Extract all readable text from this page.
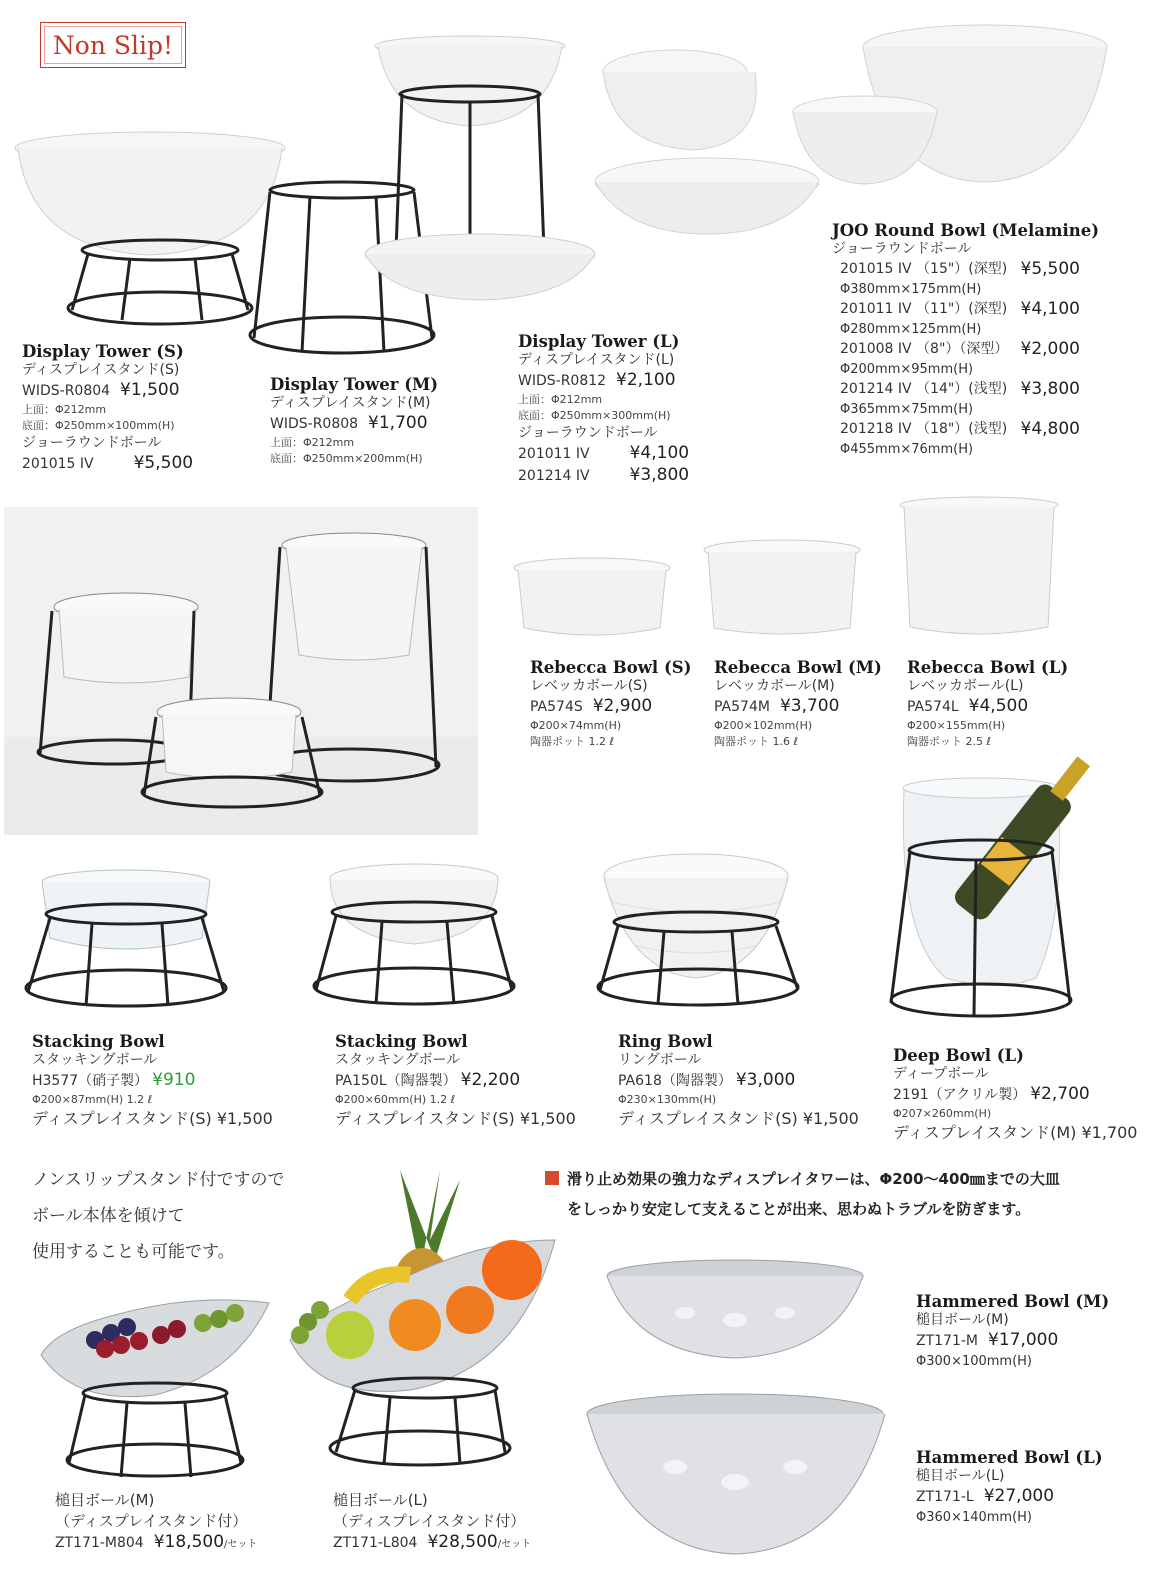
Non Slip!
Display Tower (S)
ディスプレイスタンド(S)
WIDS-R0804 ¥1,500
上面：Φ212mm
底面：Φ250mm×100mm(H)
ジョーラウンドボール
201015 IV ¥5,500
Display Tower (M)
ディスプレイスタンド(M)
WIDS-R0808 ¥1,700
上面：Φ212mm
底面：Φ250mm×200mm(H)
Display Tower (L)
ディスプレイスタンド(L)
WIDS-R0812 ¥2,100
上面：Φ212mm
底面：Φ250mm×300mm(H)
ジョーラウンドボール
201011 IV ¥4,100
201214 IV ¥3,800
JOO Round Bowl (Melamine)
ジョーラウンドボール
201015 IV （15"）(深型) ¥5,500
Φ380mm×175mm(H)
201011 IV （11"）(深型) ¥4,100
Φ280mm×125mm(H)
201008 IV （8"）（深型） ¥2,000
Φ200mm×95mm(H)
201214 IV （14"）(浅型) ¥3,800
Φ365mm×75mm(H)
201218 IV （18"）(浅型) ¥4,800
Φ455mm×76mm(H)
Rebecca Bowl (S)
レベッカボール(S)
PA574S ¥2,900
Φ200×74mm(H)
陶器ポット 1.2 ℓ
Rebecca Bowl (M)
レベッカボール(M)
PA574M ¥3,700
Φ200×102mm(H)
陶器ポット 1.6 ℓ
Rebecca Bowl (L)
レベッカボール(L)
PA574L ¥4,500
Φ200×155mm(H)
陶器ポット 2.5 ℓ
Stacking Bowl
スタッキングボール
H3577（硝子製） ¥910
Φ200×87mm(H) 1.2 ℓ
ディスプレイスタンド(S) ¥1,500
Stacking Bowl
スタッキングボール
PA150L（陶器製） ¥2,200
Φ200×60mm(H) 1.2 ℓ
ディスプレイスタンド(S) ¥1,500
Ring Bowl
リングボール
PA618（陶器製） ¥3,000
Φ230×130mm(H)
ディスプレイスタンド(S) ¥1,500
Deep Bowl (L)
ディープボール
2191（アクリル製） ¥2,700
Φ207×260mm(H)
ディスプレイスタンド(M) ¥1,700
ノンスリップスタンド付ですので
ボール本体を傾けて
使用することも可能です。
滑り止め効果の強力なディスプレイタワーは、Φ200〜400㎜までの大皿
をしっかり安定して支えることが出来、思わぬトラブルを防ぎます。
槌目ボール(M)
（ディスプレイスタンド付）
ZT171-M804 ¥18,500/セット
槌目ボール(L)
（ディスプレイスタンド付）
ZT171-L804 ¥28,500/セット
Hammered Bowl (M)
槌目ボール(M)
ZT171-M ¥17,000
Φ300×100mm(H)
Hammered Bowl (L)
槌目ボール(L)
ZT171-L ¥27,000
Φ360×140mm(H)
